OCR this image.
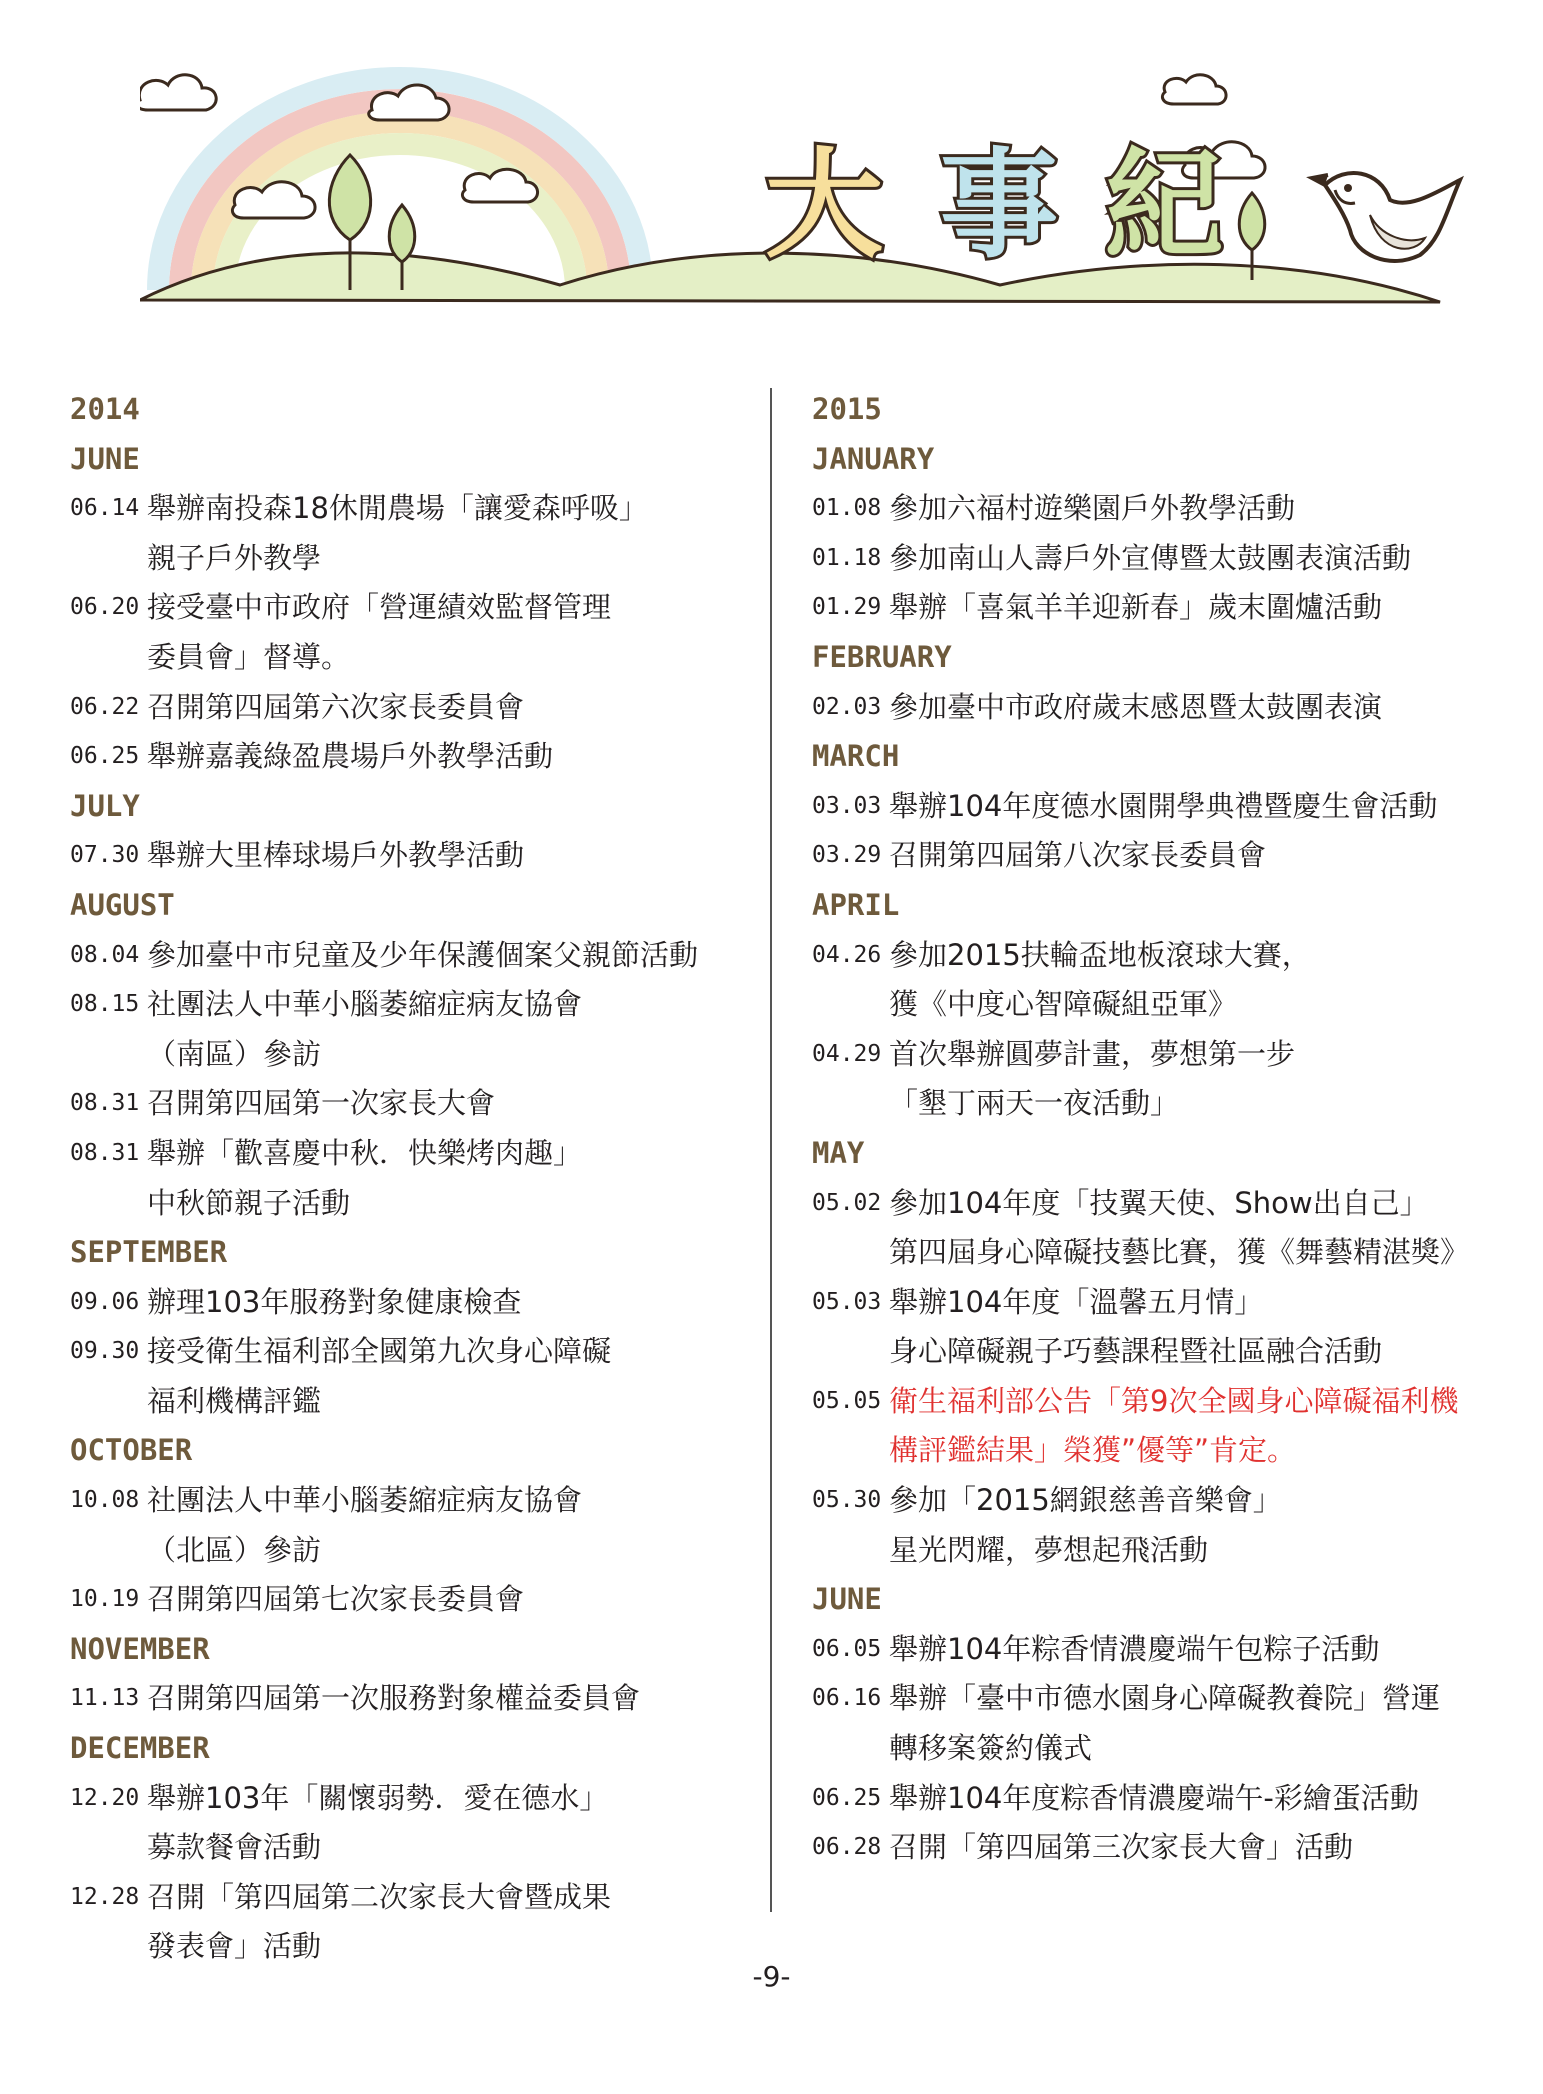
大 事 紀
2014
JUNE
06.14 舉辦南投森18休閒農場「讓愛森呼吸」
親子戶外教學
06.20 接受臺中市政府「營運績效監督管理
委員會」督導。
06.22 召開第四屆第六次家長委員會
06.25 舉辦嘉義綠盈農場戶外教學活動
JULY
07.30 舉辦大里棒球場戶外教學活動
AUGUST
08.04 參加臺中市兒童及少年保護個案父親節活動
08.15 社團法人中華小腦萎縮症病友協會
（南區）參訪
08.31 召開第四屆第一次家長大會
08.31 舉辦「歡喜慶中秋．快樂烤肉趣」
中秋節親子活動
SEPTEMBER
09.06 辦理103年服務對象健康檢查
09.30 接受衛生福利部全國第九次身心障礙
福利機構評鑑
OCTOBER
10.08 社團法人中華小腦萎縮症病友協會
（北區）參訪
10.19 召開第四屆第七次家長委員會
NOVEMBER
11.13 召開第四屆第一次服務對象權益委員會
DECEMBER
12.20 舉辦103年「關懷弱勢．愛在德水」
募款餐會活動
12.28 召開「第四屆第二次家長大會暨成果
發表會」活動
2015
JANUARY
01.08 參加六福村遊樂園戶外教學活動
01.18 參加南山人壽戶外宣傳暨太鼓團表演活動
01.29 舉辦「喜氣羊羊迎新春」歲末圍爐活動
FEBRUARY
02.03 參加臺中市政府歲末感恩暨太鼓團表演
MARCH
03.03 舉辦104年度德水園開學典禮暨慶生會活動
03.29 召開第四屆第八次家長委員會
APRIL
04.26 參加2015扶輪盃地板滾球大賽，
獲《中度心智障礙組亞軍》
04.29 首次舉辦圓夢計畫，夢想第一步
「墾丁兩天一夜活動」
MAY
05.02 參加104年度「技翼天使、Show出自己」
第四屆身心障礙技藝比賽，獲《舞藝精湛獎》
05.03 舉辦104年度「溫馨五月情」
身心障礙親子巧藝課程暨社區融合活動
05.05 衛生福利部公告「第9次全國身心障礙福利機
構評鑑結果」榮獲”優等”肯定。
05.30 參加「2015網銀慈善音樂會」
星光閃耀，夢想起飛活動
JUNE
06.05 舉辦104年粽香情濃慶端午包粽子活動
06.16 舉辦「臺中市德水園身心障礙教養院」營運
轉移案簽約儀式
06.25 舉辦104年度粽香情濃慶端午-彩繪蛋活動
06.28 召開「第四屆第三次家長大會」活動
-9-
